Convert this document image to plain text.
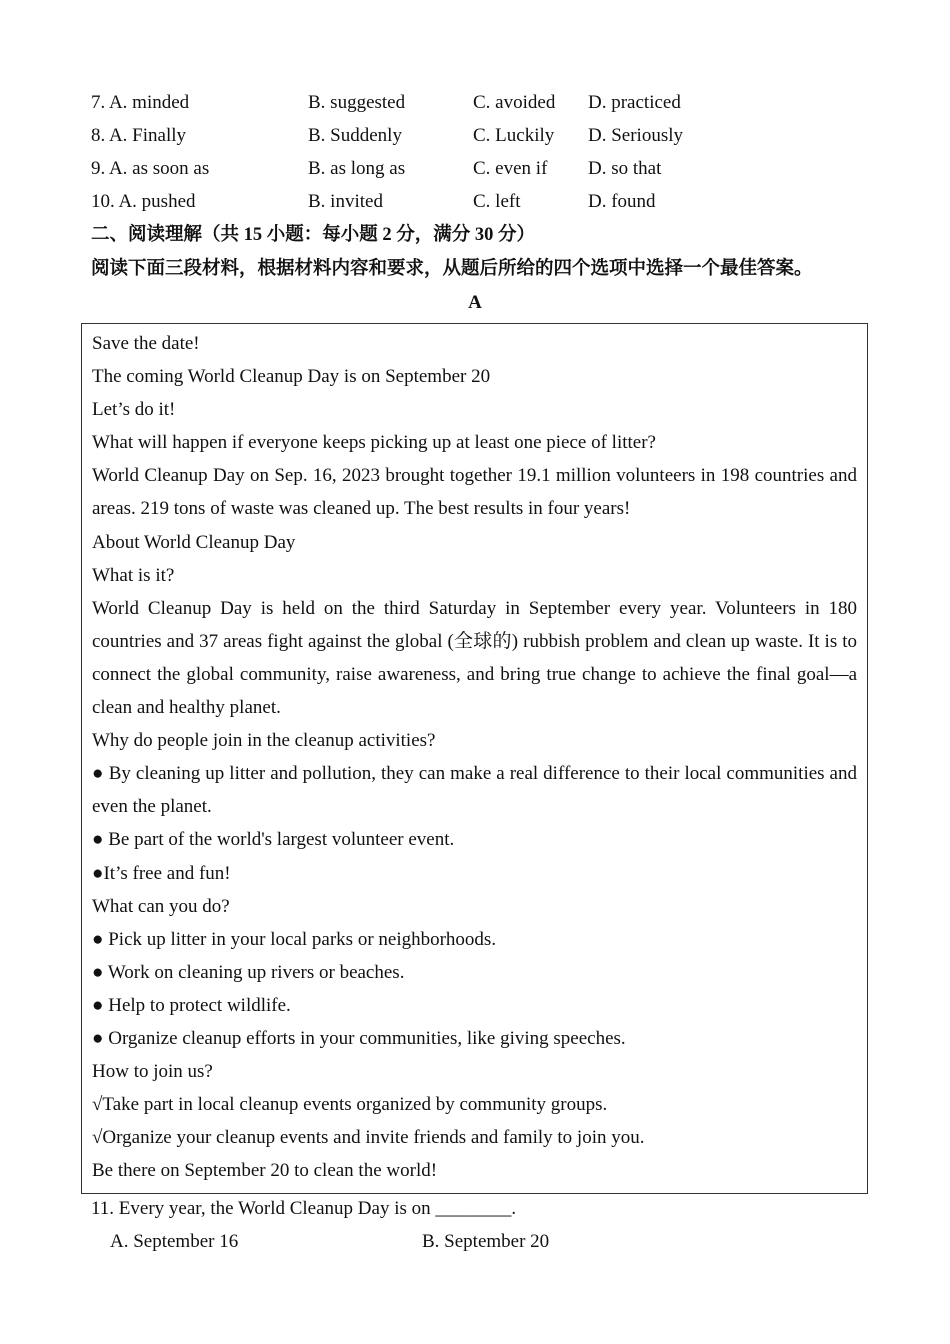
7. A. minded	B. suggested	C. avoided D. practiced
8. A. Finally	B. Suddenly	C. Luckily D. Seriously
9. A. as soon as	B. as long as	C. even if D. so that
10. A. pushed	B. invited	C. left	D. found
二、阅读理解（共 15 小题：每小题 2 分，满分 30 分）
阅读下面三段材料，根据材料内容和要求，从题后所给的四个选项中选择一个最佳答案。
A

Save the date!

The coming World Cleanup Day is on September 20

Let’s do it!

What will happen if everyone keeps picking up at least one piece of litter?

World Cleanup Day on Sep. 16, 2023 brought together 19.1 million volunteers in 198 countries and areas. 219 tons of waste was cleaned up. The best results in four years!

About World Cleanup Day

What is it?

World Cleanup Day is held on the third Saturday in September every year. Volunteers in 180 countries and 37 areas fight against the global (全球的) rubbish problem and clean up waste. It is to connect the global community, raise awareness, and bring true change to achieve the final goal—a clean and healthy planet.

Why do people join in the cleanup activities?

● By cleaning up litter and pollution, they can make a real difference to their local communities and even the planet.

● Be part of the world's largest volunteer event.

●It’s free and fun!

What can you do?

● Pick up litter in your local parks or neighborhoods.

● Work on cleaning up rivers or beaches.

● Help to protect wildlife.

● Organize cleanup efforts in your communities, like giving speeches.

How to join us?

√Take part in local cleanup events organized by community groups.

√Organize your cleanup events and invite friends and family to join you.

Be there on September 20 to clean the world!

11. Every year, the World Cleanup Day is on ________.
A. September 16	B. September 20
